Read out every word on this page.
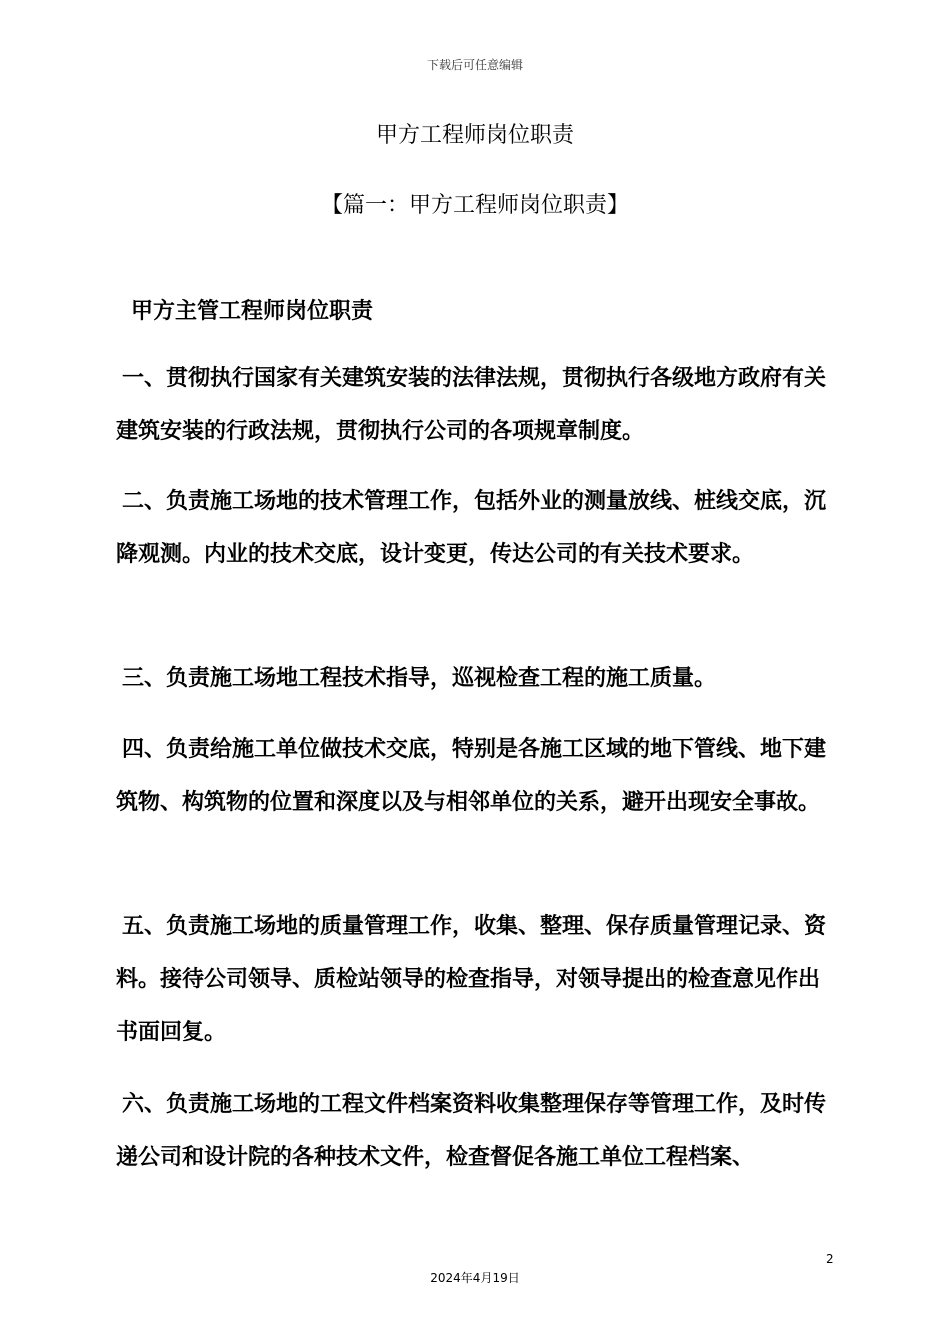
下载后可任意编辑
甲方工程师岗位职责
【篇一：甲方工程师岗位职责】
甲方主管工程师岗位职责

一、贯彻执行国家有关建筑安装的法律法规，贯彻执行各级地方政府有关建筑安装的行政法规，贯彻执行公司的各项规章制度。

二、负责施工场地的技术管理工作，包括外业的测量放线、桩线交底，沉降观测。内业的技术交底，设计变更，传达公司的有关技术要求。

三、负责施工场地工程技术指导，巡视检查工程的施工质量。

四、负责给施工单位做技术交底，特别是各施工区域的地下管线、地下建筑物、构筑物的位置和深度以及与相邻单位的关系，避开出现安全事故。

五、负责施工场地的质量管理工作，收集、整理、保存质量管理记录、资料。接待公司领导、质检站领导的检查指导，对领导提出的检查意见作出书面回复。

六、负责施工场地的工程文件档案资料收集整理保存等管理工作，及时传递公司和设计院的各种技术文件，检查督促各施工单位工程档案、

2
2024年4月19日
